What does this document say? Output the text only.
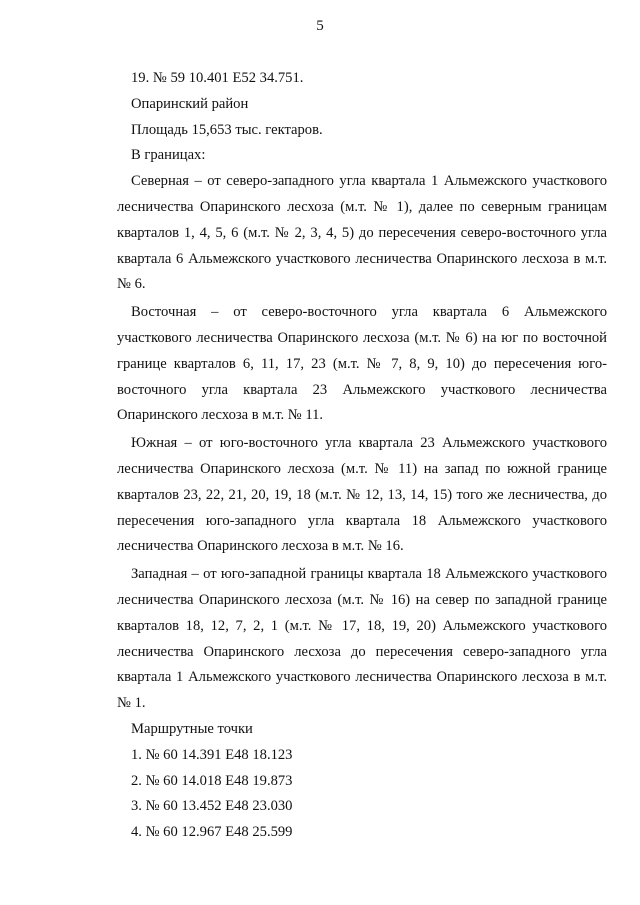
5
19. № 59 10.401 Е52 34.751.
Опаринский район
Площадь 15,653 тыс. гектаров.
В границах:

Северная – от северо-западного угла квартала 1 Альмежского участкового лесничества Опаринского лесхоза (м.т. № 1), далее по северным границам кварталов 1, 4, 5, 6 (м.т. № 2, 3, 4, 5) до пересечения северо-восточного угла квартала 6 Альмежского участкового лесничества Опаринского лесхоза в м.т. № 6.

Восточная – от северо-восточного угла квартала 6 Альмежского участкового лесничества Опаринского лесхоза (м.т. № 6) на юг по восточной границе кварталов 6, 11, 17, 23 (м.т. № 7, 8, 9, 10) до пересечения юго-восточного угла квартала 23 Альмежского участкового лесничества Опаринского лесхоза в м.т. № 11.

Южная – от юго-восточного угла квартала 23 Альмежского участкового лесничества Опаринского лесхоза (м.т. № 11) на запад по южной границе кварталов 23, 22, 21, 20, 19, 18 (м.т. № 12, 13, 14, 15) того же лесничества, до пересечения юго-западного угла квартала 18 Альмежского участкового лесничества Опаринского лесхоза в м.т. № 16.

Западная – от юго-западной границы квартала 18 Альмежского участкового лесничества Опаринского лесхоза (м.т. № 16) на север по западной границе кварталов 18, 12, 7, 2, 1 (м.т. № 17, 18, 19, 20) Альмежского участкового лесничества Опаринского лесхоза до пересечения северо-западного угла квартала 1 Альмежского участкового лесничества Опаринского лесхоза в м.т. № 1.

Маршрутные точки
1. № 60 14.391 Е48 18.123
2. № 60 14.018 Е48 19.873
3. № 60 13.452 Е48 23.030
4. № 60 12.967 Е48 25.599
